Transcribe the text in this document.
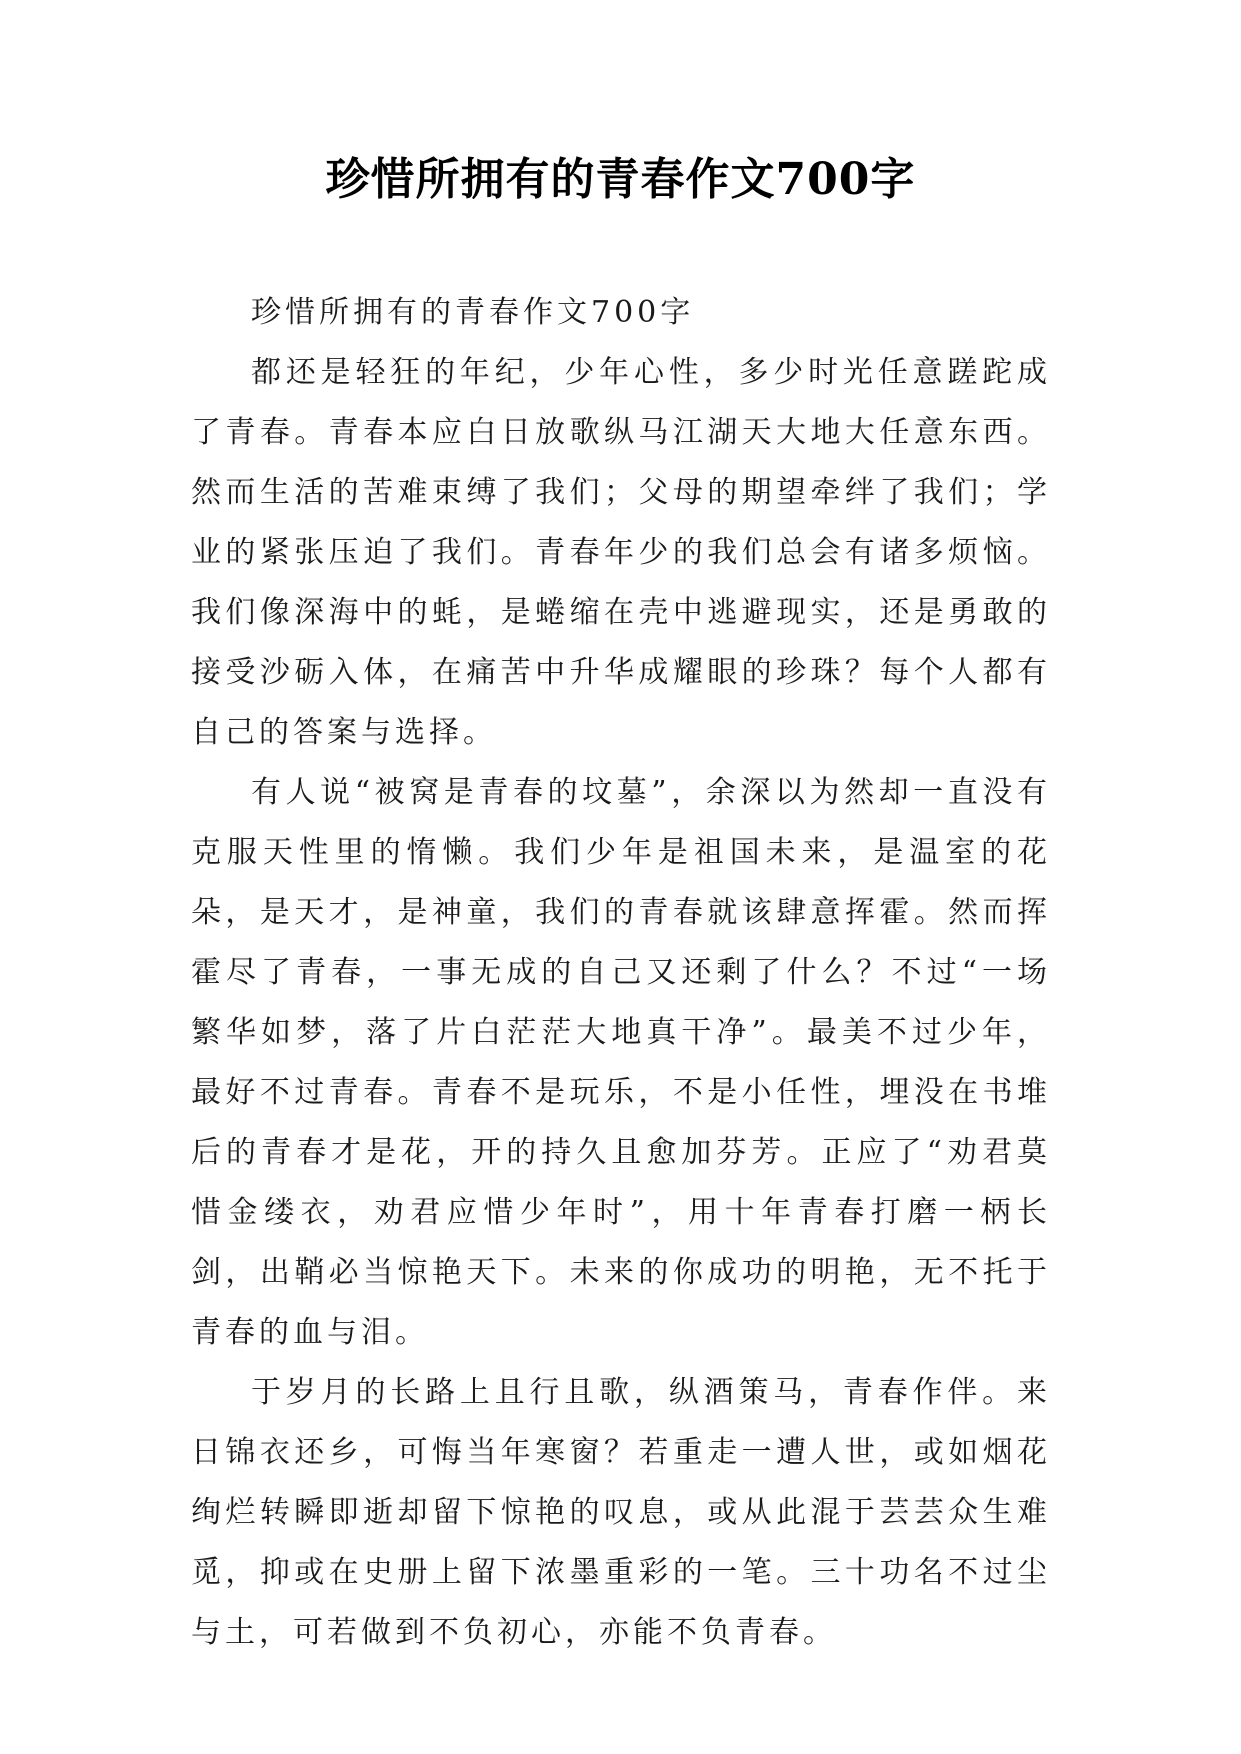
珍惜所拥有的青春作文700字

珍惜所拥有的青春作文700字

都还是轻狂的年纪，少年心性，多少时光任意蹉跎成了青春。青春本应白日放歌纵马江湖天大地大任意东西。然而生活的苦难束缚了我们；父母的期望牵绊了我们；学业的紧张压迫了我们。青春年少的我们总会有诸多烦恼。我们像深海中的蚝，是蜷缩在壳中逃避现实，还是勇敢的接受沙砺入体，在痛苦中升华成耀眼的珍珠？每个人都有自己的答案与选择。

有人说“被窝是青春的坟墓”，余深以为然却一直没有克服天性里的惰懒。我们少年是祖国未来，是温室的花朵，是天才，是神童，我们的青春就该肆意挥霍。然而挥霍尽了青春，一事无成的自己又还剩了什么？不过“一场繁华如梦，落了片白茫茫大地真干净”。最美不过少年，最好不过青春。青春不是玩乐，不是小任性，埋没在书堆后的青春才是花，开的持久且愈加芬芳。正应了“劝君莫惜金缕衣，劝君应惜少年时”，用十年青春打磨一柄长剑，出鞘必当惊艳天下。未来的你成功的明艳，无不托于青春的血与泪。

于岁月的长路上且行且歌，纵酒策马，青春作伴。来日锦衣还乡，可悔当年寒窗？若重走一遭人世，或如烟花绚烂转瞬即逝却留下惊艳的叹息，或从此混于芸芸众生难觅，抑或在史册上留下浓墨重彩的一笔。三十功名不过尘与土，可若做到不负初心，亦能不负青春。
